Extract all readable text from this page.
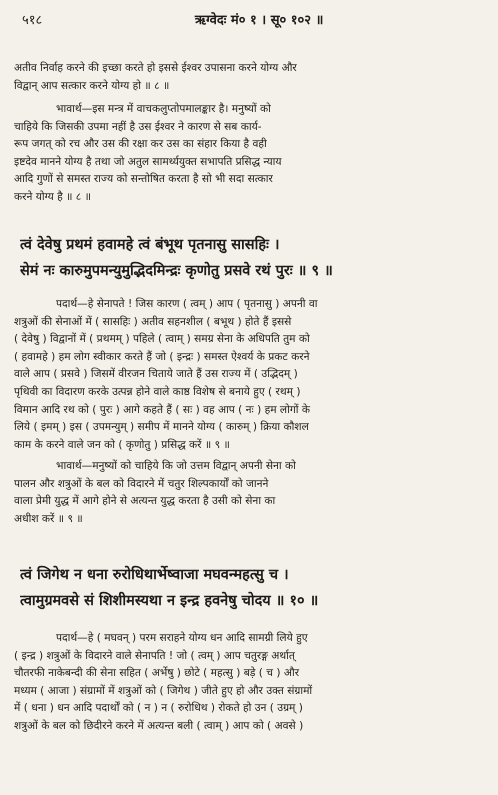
५१८	ऋग्वेदः मं० १ । सू० १०२ ॥
अतीव निर्वाह करने की इच्छा करते हो इससे ईश्वर उपासना करने योग्य और
विद्वान् आप सत्कार करने योग्य हो ॥ ८ ॥
भावार्थ—इस मन्त्र में वाचकलुप्तोपमालङ्कार है। मनुष्यों को
चाहिये कि जिसकी उपमा नहीं है उस ईश्वर ने कारण से सब कार्य-
रूप जगत् को रच और उस की रक्षा कर उस का संहार किया है वही
इष्टदेव मानने योग्य है तथा जो अतुल सामर्थ्ययुक्त सभापति प्रसिद्ध न्याय
आदि गुणों से समस्त राज्य को सन्तोषित करता है सो भी सदा सत्कार
करने योग्य है ॥ ८ ॥
त्वं देवेषु प्रथमं हवामहे त्वं बंभूथ पृतनासु सासहिः ।
सेमं नः कारुमुपमन्युमुद्भिदमिन्द्रः कृणोतु प्रसवे रथं पुरः ॥ ९ ॥
पदार्थ—हे सेनापते ! जिस कारण ( त्वम् ) आप ( पृतनासु ) अपनी वा
शत्रुओं की सेनाओं में ( सासहिः ) अतीव सहनशील ( बभूथ ) होते हैं इससे
( देवेषु ) विद्वानों में ( प्रथमम् ) पहिले ( त्वाम् ) समग्र सेना के अधिपति तुम को
( हवामहे ) हम लोग स्वीकार करते हैं जो ( इन्द्रः ) समस्त ऐश्वर्य के प्रकट करने
वाले आप ( प्रसवे ) जिसमें वीरजन चिताये जाते हैं उस राज्य में ( उद्भिदम् )
पृथिवी का विदारण करके उत्पन्न होने वाले काष्ठ विशेष से बनाये हुए ( रथम् )
विमान आदि रथ को ( पुरः ) आगे कहते हैं ( सः ) वह आप ( नः ) हम लोगों के
लिये ( इमम् ) इस ( उपमन्युम् ) समीप में मानने योग्य ( कारुम् ) क्रिया कौशल
काम के करने वाले जन को ( कृणोतु ) प्रसिद्ध करें ॥ ९ ॥
भावार्थ—मनुष्यों को चाहिये कि जो उत्तम विद्वान् अपनी सेना को
पालन और शत्रुओं के बल को विदारने में चतुर शिल्पकार्यों को जानने
वाला प्रेमी युद्ध में आगे होने से अत्यन्त युद्ध करता है उसी को सेना का
अधीश करें ॥ ९ ॥
त्वं जिगेथ न धना रुरोधिथार्भेष्वाजा मघवन्महत्सु च ।
त्वामुग्रमवसे सं शिशीमस्यथा न इन्द्र हवनेषु चोदय ॥ १० ॥
पदार्थ—हे ( मघवन् ) परम सराहने योग्य धन आदि सामग्री लिये हुए
( इन्द्र ) शत्रुओं के विदारने वाले सेनापति ! जो ( त्वम् ) आप चतुरङ्ग अर्थात्
चौतरफी नाकेबन्दी की सेना सहित ( अर्भेषु ) छोटे ( महत्सु ) बड़े ( च ) और
मध्यम ( आजा ) संग्रामों में शत्रुओं को ( जिगेथ ) जीते हुए हो और उक्त संग्रामों
में ( धना ) धन आदि पदार्थों को ( न ) न ( रुरोधिथ ) रोकते हो उन ( उग्रम् )
शत्रुओं के बल को छिदीरने करने में अत्यन्त बली ( त्वाम् ) आप को ( अवसे )
